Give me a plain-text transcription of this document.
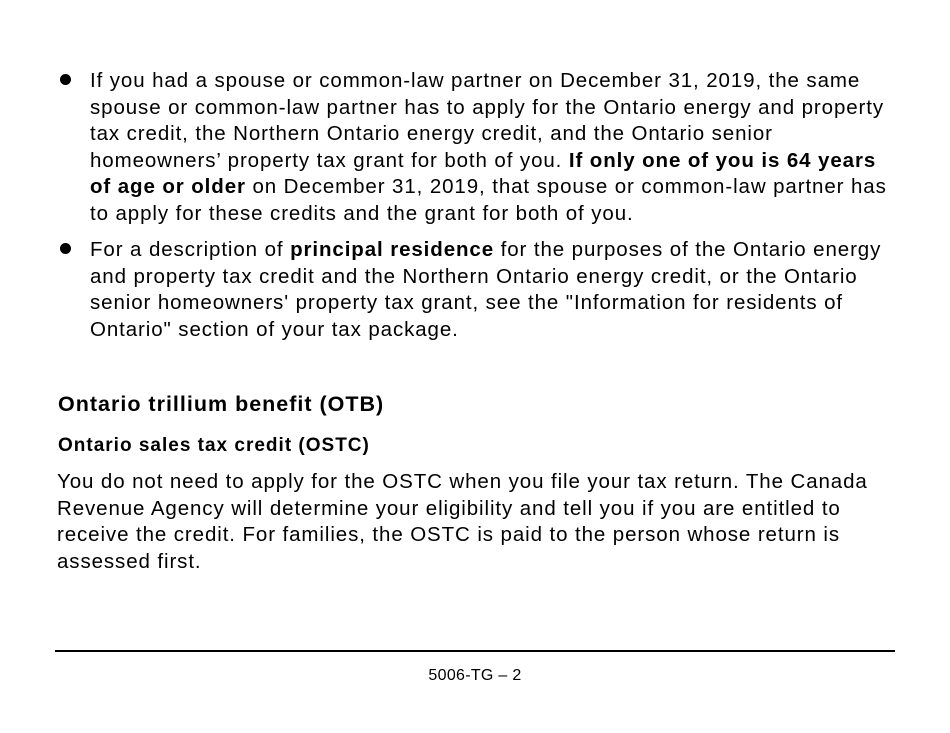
If you had a spouse or common-law partner on December 31, 2019, the same spouse or common-law partner has to apply for the Ontario energy and property tax credit, the Northern Ontario energy credit, and the Ontario senior homeowners’ property tax grant for both of you. If only one of you is 64 years of age or older on December 31, 2019, that spouse or common-law partner has to apply for these credits and the grant for both of you.
For a description of principal residence for the purposes of the Ontario energy and property tax credit and the Northern Ontario energy credit, or the Ontario senior homeowners' property tax grant, see the "Information for residents of Ontario" section of your tax package.
Ontario trillium benefit (OTB)
Ontario sales tax credit (OSTC)

You do not need to apply for the OSTC when you file your tax return. The Canada Revenue Agency will determine your eligibility and tell you if you are entitled to receive the credit. For families, the OSTC is paid to the person whose return is assessed first.

5006-TG – 2
